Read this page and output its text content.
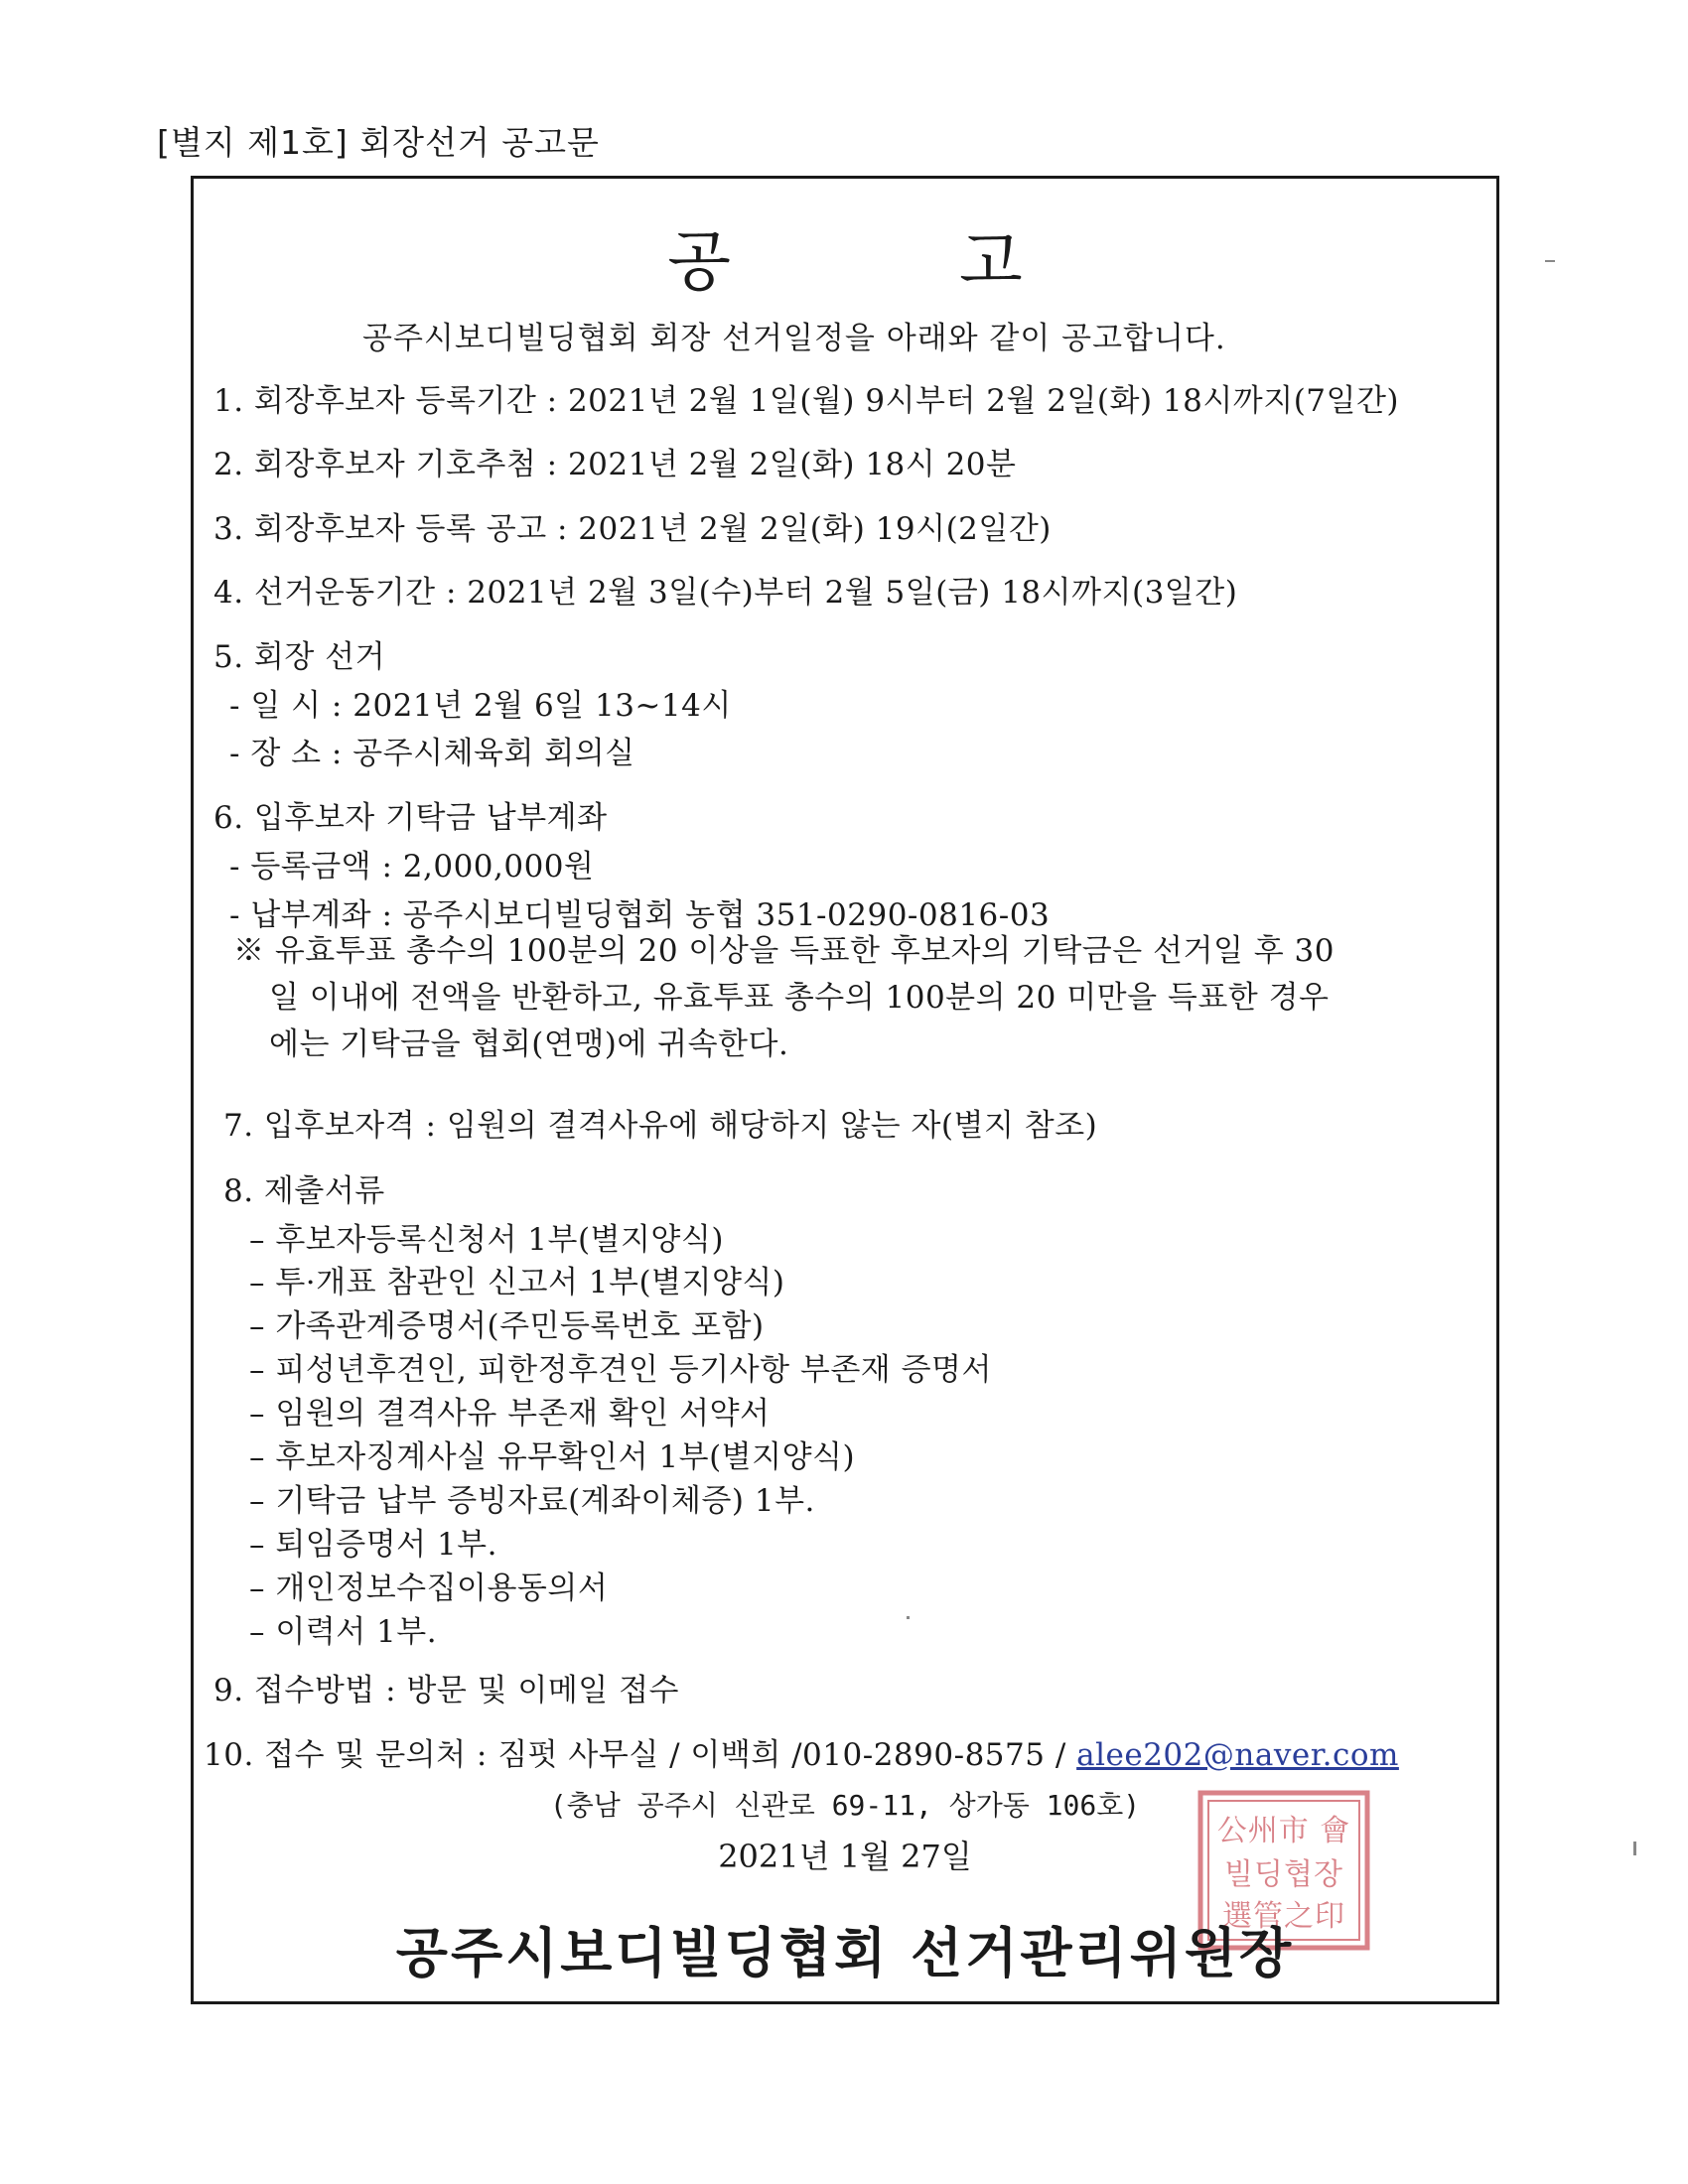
[별지 제1호] 회장선거 공고문
공	고
공주시보디빌딩협회 회장 선거일정을 아래와 같이 공고합니다.
1. 회장후보자 등록기간 : 2021년 2월 1일(월) 9시부터 2월 2일(화) 18시까지(7일간)
2. 회장후보자 기호추첨 : 2021년 2월 2일(화) 18시 20분
3. 회장후보자 등록 공고 : 2021년 2월 2일(화) 19시(2일간)
4. 선거운동기간 : 2021년 2월 3일(수)부터 2월 5일(금) 18시까지(3일간)
5. 회장 선거
- 일 시 : 2021년 2월 6일 13~14시
- 장 소 : 공주시체육회 회의실
6. 입후보자 기탁금 납부계좌
- 등록금액 : 2,000,000원
- 납부계좌 : 공주시보디빌딩협회 농협 351-0290-0816-03
※ 유효투표 총수의 100분의 20 이상을 득표한 후보자의 기탁금은 선거일 후 30

일 이내에 전액을 반환하고, 유효투표 총수의 100분의 20 미만을 득표한 경우
에는 기탁금을 협회(연맹)에 귀속한다.
7. 입후보자격 : 임원의 결격사유에 해당하지 않는 자(별지 참조)
8. 제출서류
– 후보자등록신청서 1부(별지양식)
– 투·개표 참관인 신고서 1부(별지양식)
– 가족관계증명서(주민등록번호 포함)
– 피성년후견인, 피한정후견인 등기사항 부존재 증명서
– 임원의 결격사유 부존재 확인 서약서
– 후보자징계사실 유무확인서 1부(별지양식)
– 기탁금 납부 증빙자료(계좌이체증) 1부.
– 퇴임증명서 1부.
– 개인정보수집이용동의서
– 이력서 1부.
9. 접수방법 : 방문 및 이메일 접수
10. 접수 및 문의처 : 짐펏 사무실 / 이백희 /010-2890-8575 / alee202@naver.com
(충남 공주시 신관로 69-11, 상가동 106호)
2021년 1월 27일
公州市 會
빌딩협장
選管之印
공주시보디빌딩협회 선거관리위원장
